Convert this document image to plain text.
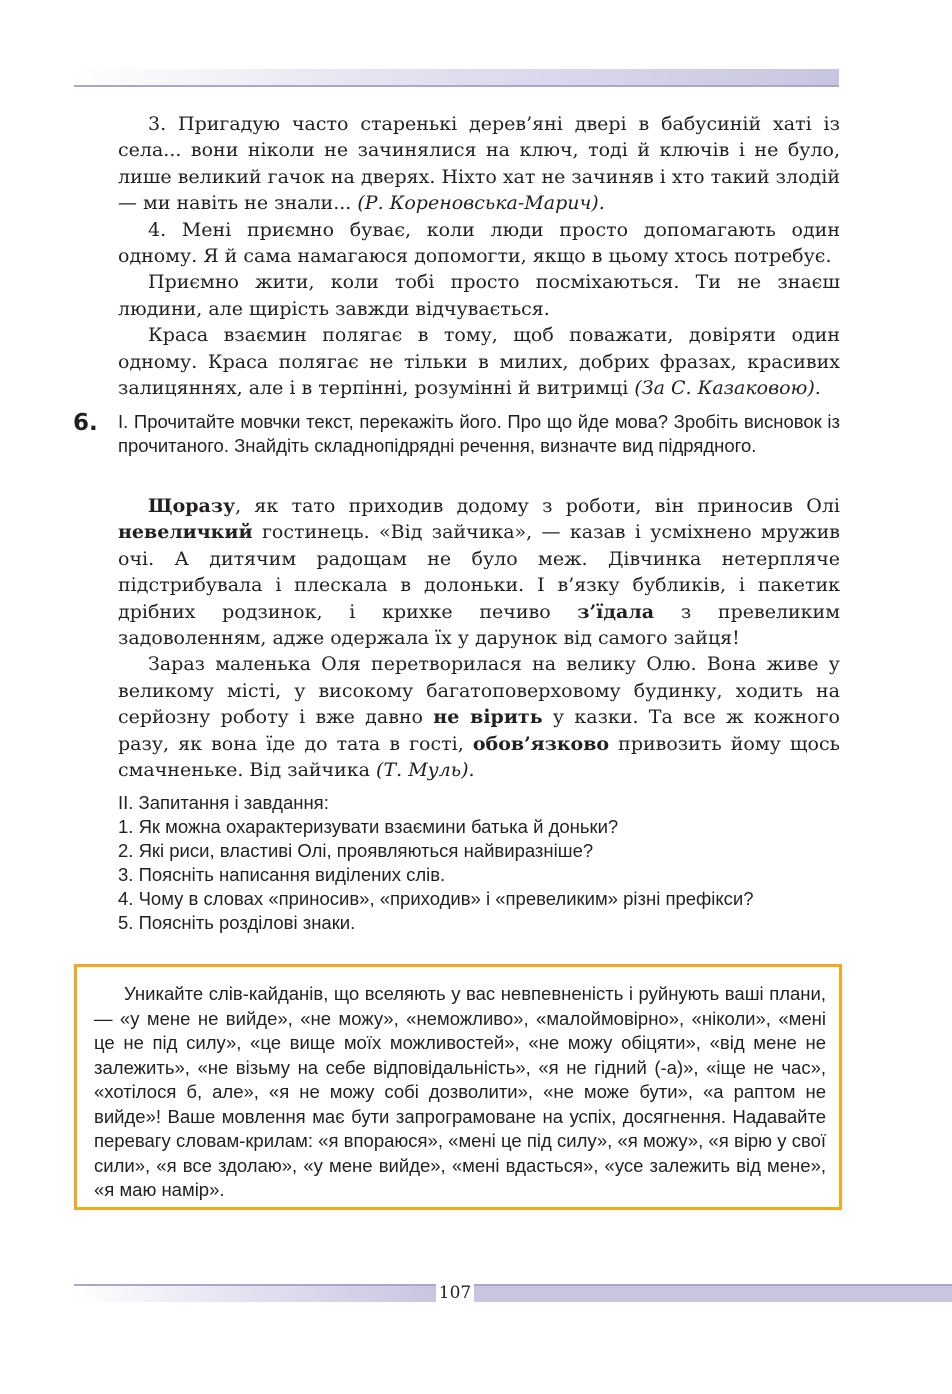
3. Пригадую часто старенькі дерев’яні двері в бабусиній хаті із села... вони ніколи не зачинялися на ключ, тоді й ключів і не було, лише великий гачок на дверях. Ніхто хат не зачиняв і хто такий злодій — ми навіть не знали... (Р. Кореновська-Марич).

4. Мені приємно буває, коли люди просто допомагають один одному. Я й сама намагаюся допомогти, якщо в цьому хтось потребує.

Приємно жити, коли тобі просто посміхаються. Ти не знаєш людини, але щирість завжди відчувається.

Краса взаємин полягає в тому, щоб поважати, довіряти один одному. Краса полягає не тільки в милих, добрих фразах, красивих залицяннях, але і в терпінні, розумінні й витримці (За С. Казаковою).

6. І. Прочитайте мовчки текст, перекажіть його. Про що йде мова? Зробіть висновок із прочитаного. Знайдіть складнопідрядні речення, визначте вид підрядного.

Щоразу, як тато приходив додому з роботи, він приносив Олі невеличкий гостинець. «Від зайчика», — казав і усміхнено мружив очі. А дитячим радощам не було меж. Дівчинка нетерпляче підстрибувала і плескала в долоньки. І в’язку бубликів, і пакетик дрібних родзинок, і крихке печиво з’їдала з превеликим задоволенням, адже одержала їх у дарунок від самого зайця!

Зараз маленька Оля перетворилася на велику Олю. Вона живе у великому місті, у високому багатоповерховому будинку, ходить на серйозну роботу і вже давно не вірить у казки. Та все ж кожного разу, як вона їде до тата в гості, обов’язково привозить йому щось смачненьке. Від зайчика (Т. Муль).

ІІ. Запитання і завдання:
1. Як можна охарактеризувати взаємини батька й доньки?
2. Які риси, властиві Олі, проявляються найвиразніше?
3. Поясніть написання виділених слів.
4. Чому в словах «приносив», «приходив» і «превеликим» різні префікси?
5. Поясніть розділові знаки.
Уникайте слів-кайданів, що вселяють у вас невпевненість і руйнують ваші плани, — «у мене не вийде», «не можу», «неможливо», «малоймовірно», «ніколи», «мені це не під силу», «це вище моїх можливостей», «не можу обіцяти», «від мене не залежить», «не візьму на себе відповідальність», «я не гідний (-а)», «іще не час», «хотілося б, але», «я не можу собі дозволити», «не може бути», «а раптом не вийде»! Ваше мовлення має бути запрограмоване на успіх, досягнення. Надавайте перевагу словам-крилам: «я впораюся», «мені це під силу», «я можу», «я вірю у свої сили», «я все здолаю», «у мене вийде», «мені вдасться», «усе залежить від мене», «я маю намір».
107
